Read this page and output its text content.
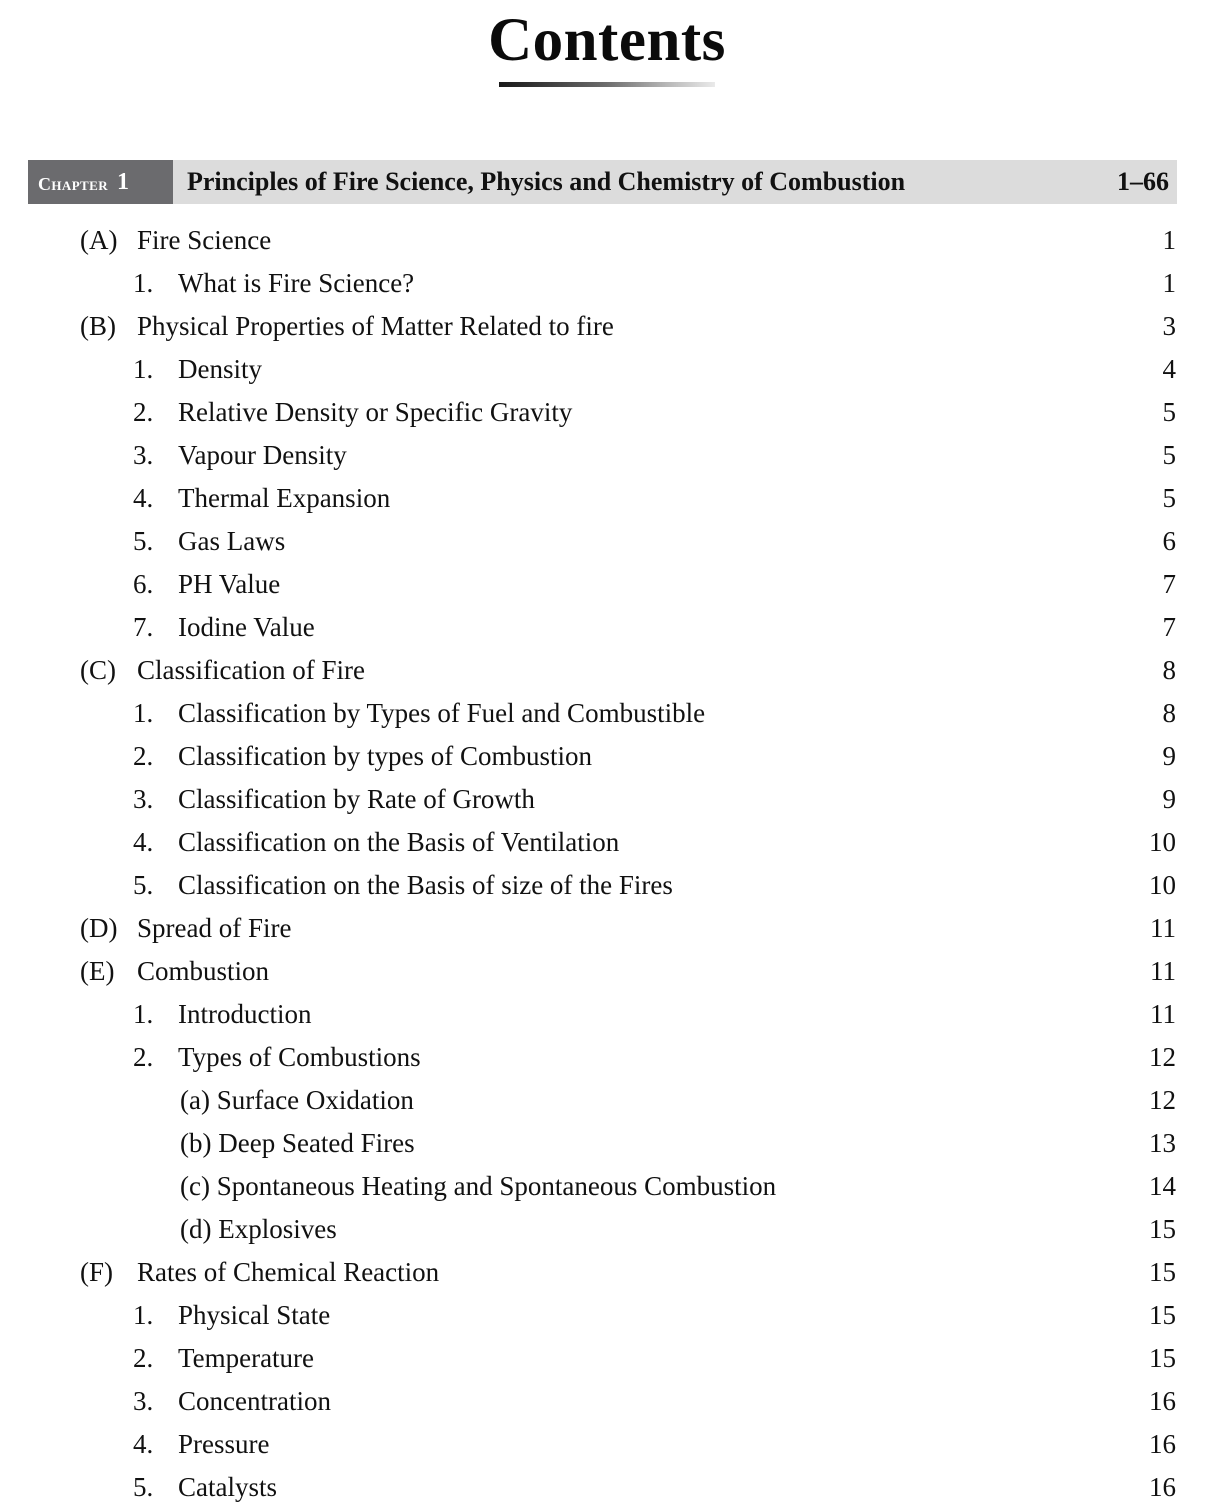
Contents
chapter 1	Principles of Fire Science, Physics and Chemistry of Combustion	1–66
(A) Fire Science	1
1. What is Fire Science?	1
(B) Physical Properties of Matter Related to fire	3
1. Density	4
2. Relative Density or Specific Gravity	5
3. Vapour Density	5
4. Thermal Expansion	5
5. Gas Laws	6
6. PH Value	7
7. Iodine Value	7
(C) Classification of Fire	8
1. Classification by Types of Fuel and Combustible	8
2. Classification by types of Combustion	9
3. Classification by Rate of Growth	9
4. Classification on the Basis of Ventilation	10
5. Classification on the Basis of size of the Fires	10
(D) Spread of Fire	11
(E) Combustion	11
1. Introduction	11
2. Types of Combustions	12
(a) Surface Oxidation	12
(b) Deep Seated Fires	13
(c) Spontaneous Heating and Spontaneous Combustion	14
(d) Explosives	15
(F) Rates of Chemical Reaction	15
1. Physical State	15
2. Temperature	15
3. Concentration	16
4. Pressure	16
5. Catalysts	16
